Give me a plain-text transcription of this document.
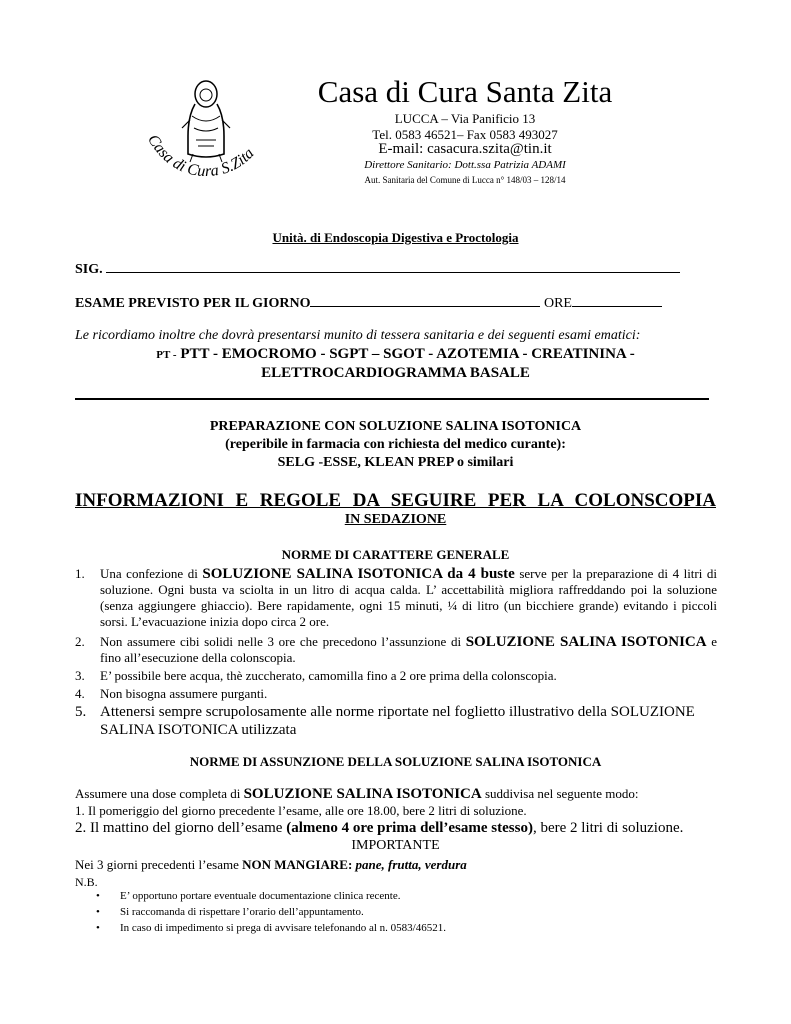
Casa di Cura S.Zita
Casa di Cura Santa Zita
LUCCA – Via Panificio 13
Tel. 0583 46521– Fax 0583 493027
E-mail: casacura.szita@tin.it
Direttore Sanitario: Dott.ssa Patrizia ADAMI
Aut. Sanitaria del Comune di Lucca n° 148/03 – 128/14
Unità. di Endoscopia Digestiva e Proctologia
SIG.
ESAME PREVISTO PER IL GIORNO	ORE
Le ricordiamo inoltre che dovrà presentarsi munito di tessera sanitaria e dei seguenti esami ematici:
PT - PTT - EMOCROMO - SGPT – SGOT - AZOTEMIA - CREATININA -
ELETTROCARDIOGRAMMA BASALE
PREPARAZIONE CON SOLUZIONE SALINA ISOTONICA
(reperibile in farmacia con richiesta del medico curante):
SELG -ESSE, KLEAN PREP o similari
INFORMAZIONI E REGOLE DA SEGUIRE PER LA COLONSCOPIA
IN SEDAZIONE
NORME DI CARATTERE GENERALE
1. Una confezione di SOLUZIONE SALINA ISOTONICA da 4 buste serve per la preparazione di 4 litri di soluzione. Ogni busta va sciolta in un litro di acqua calda. L’ accettabilità migliora raffreddando poi la soluzione (senza aggiungere ghiaccio). Bere rapidamente, ogni 15 minuti, ¼ di litro (un bicchiere grande) evitando i piccoli sorsi. L’evacuazione inizia dopo circa 2 ore.
2. Non assumere cibi solidi nelle 3 ore che precedono l’assunzione di SOLUZIONE SALINA ISOTONICA e fino all’esecuzione della colonscopia.
3. E’ possibile bere acqua, thè zuccherato, camomilla fino a 2 ore prima della colonscopia.
4. Non bisogna assumere purganti.
5. Attenersi sempre scrupolosamente alle norme riportate nel foglietto illustrativo della SOLUZIONE SALINA ISOTONICA utilizzata
NORME DI ASSUNZIONE DELLA SOLUZIONE SALINA ISOTONICA
Assumere una dose completa di SOLUZIONE SALINA ISOTONICA suddivisa nel seguente modo:
1. Il pomeriggio del giorno precedente l’esame, alle ore 18.00, bere 2 litri di soluzione.
2. Il mattino del giorno dell’esame (almeno 4 ore prima dell’esame stesso), bere 2 litri di soluzione.
IMPORTANTE
Nei 3 giorni precedenti l’esame NON MANGIARE: pane, frutta, verdura
N.B.
• E’ opportuno portare eventuale documentazione clinica recente.
• Si raccomanda di rispettare l’orario dell’appuntamento.
• In caso di impedimento si prega di avvisare telefonando al n. 0583/46521.
